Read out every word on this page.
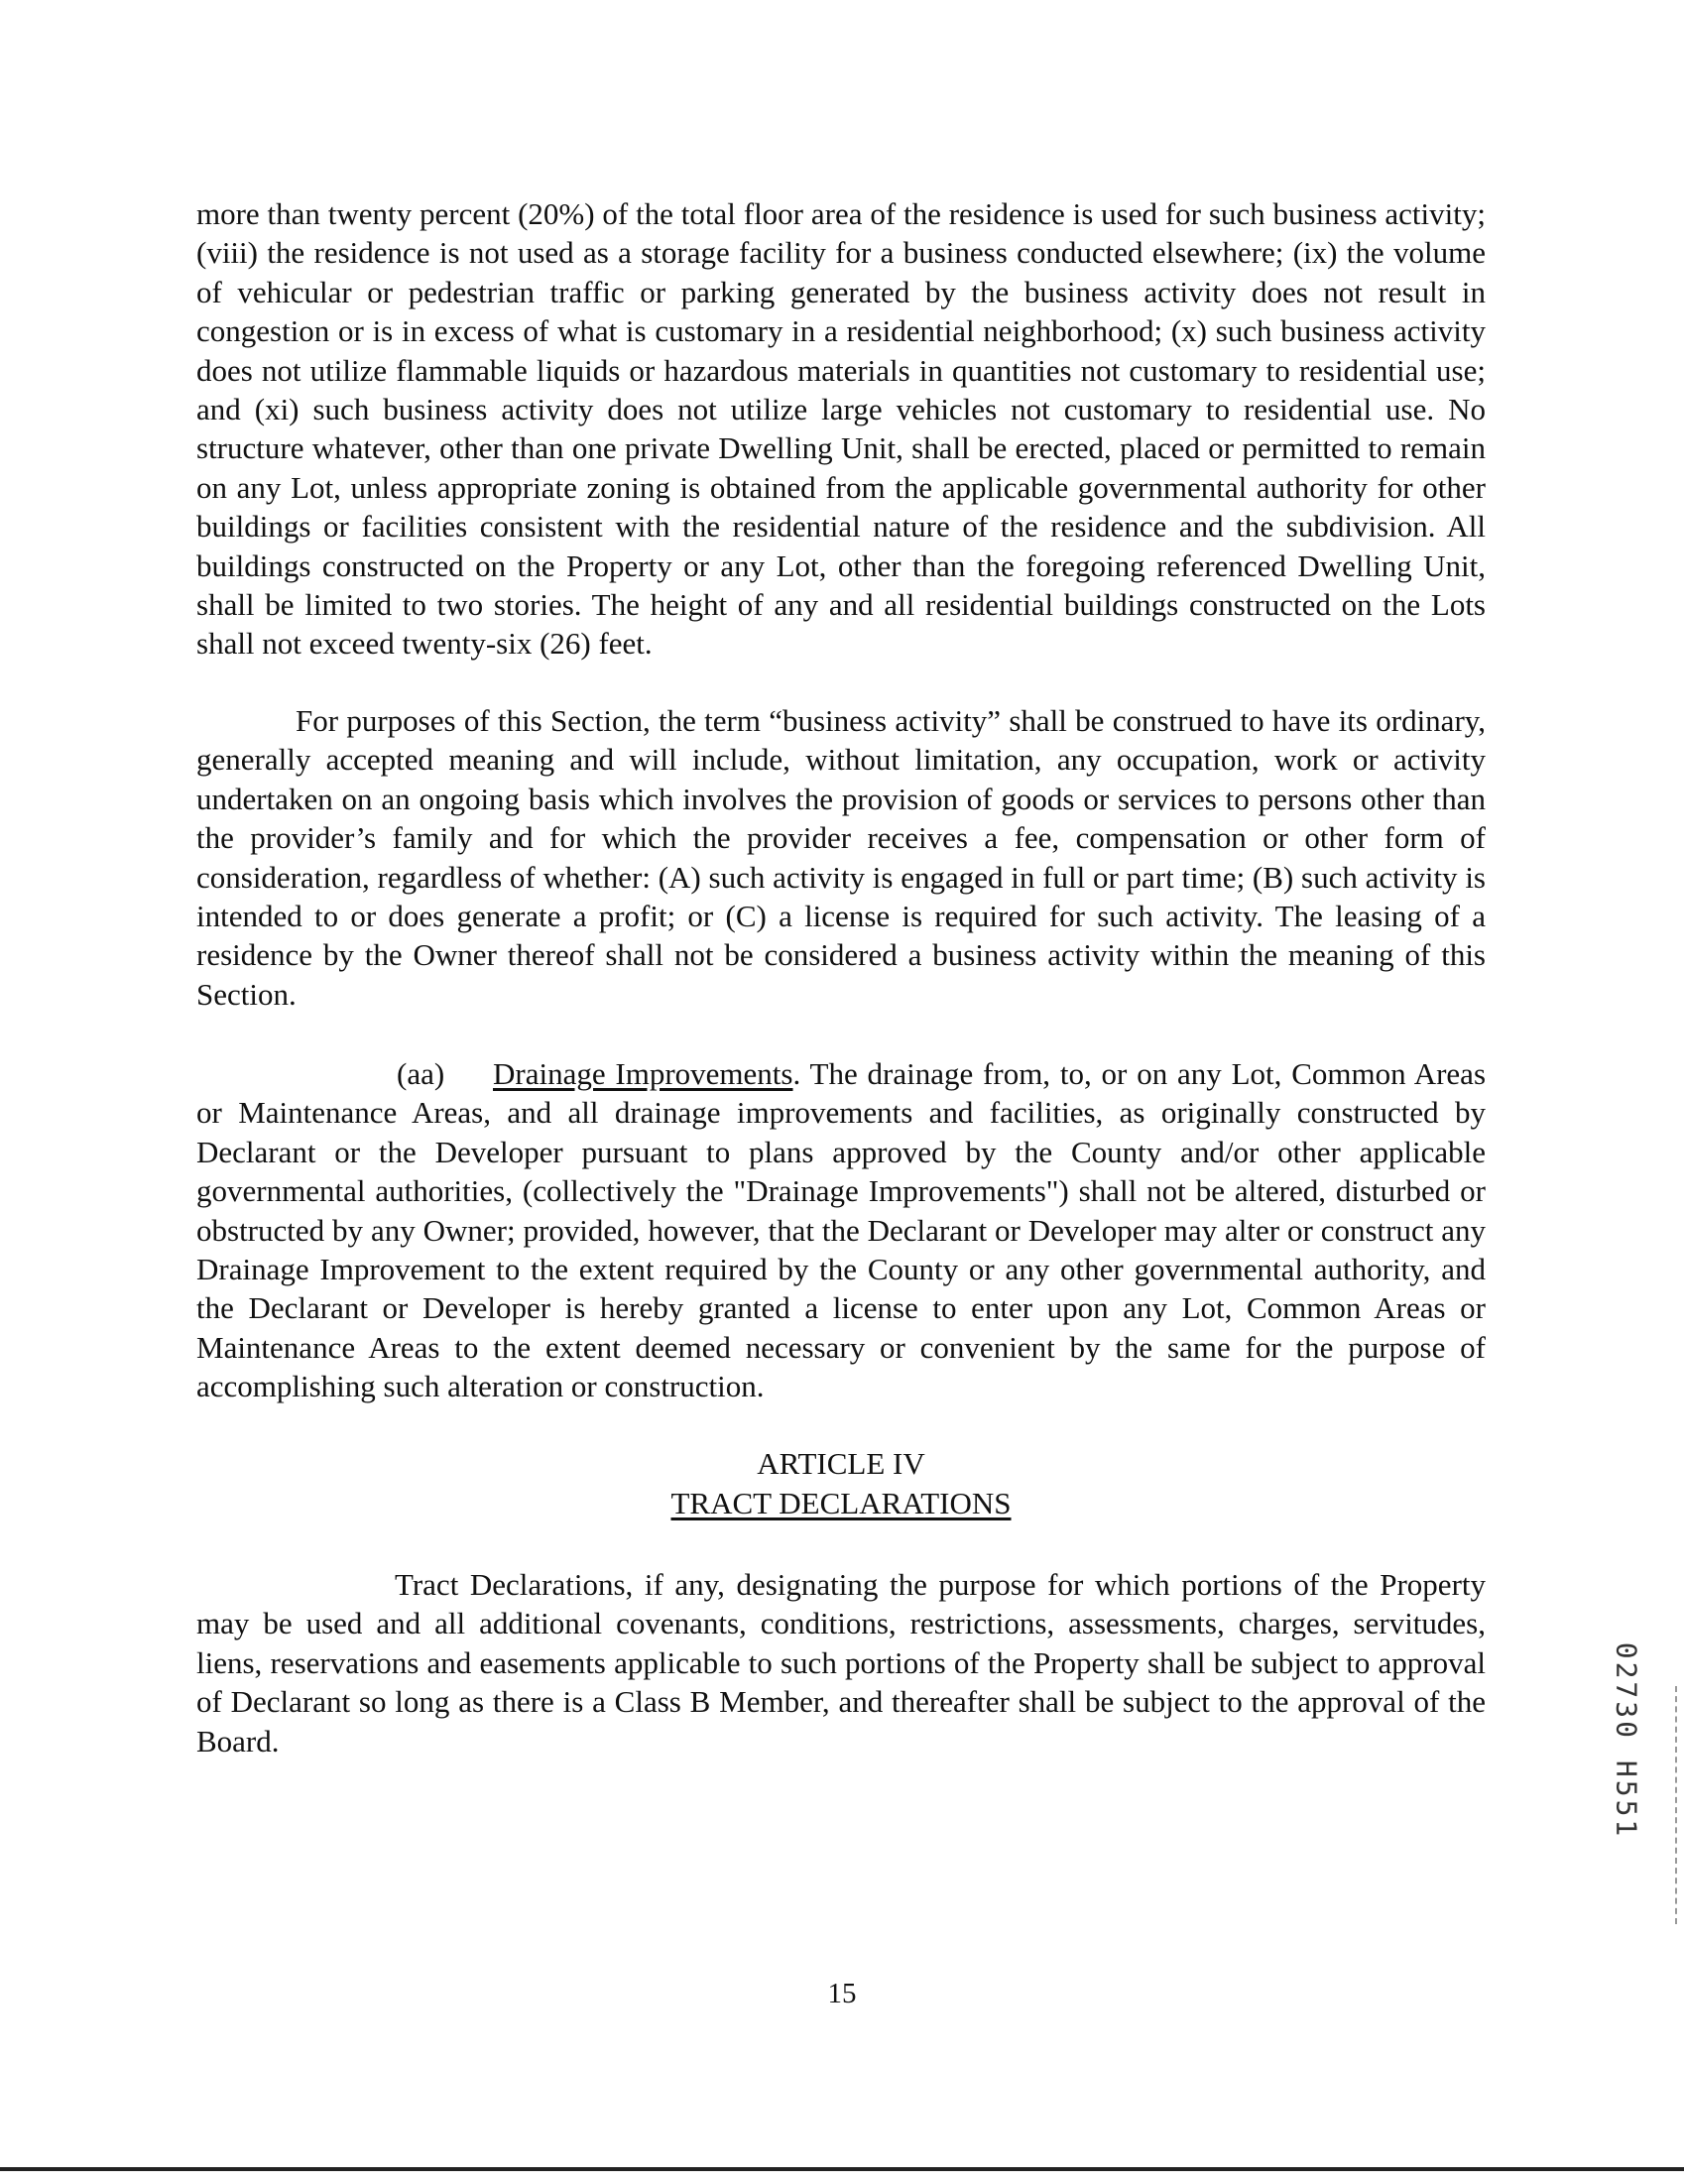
more than twenty percent (20%) of the total floor area of the residence is used for such business activity; (viii) the residence is not used as a storage facility for a business conducted elsewhere; (ix) the volume of vehicular or pedestrian traffic or parking generated by the business activity does not result in congestion or is in excess of what is customary in a residential neighborhood; (x) such business activity does not utilize flammable liquids or hazardous materials in quantities not customary to residential use; and (xi) such business activity does not utilize large vehicles not customary to residential use. No structure whatever, other than one private Dwelling Unit, shall be erected, placed or permitted to remain on any Lot, unless appropriate zoning is obtained from the applicable governmental authority for other buildings or facilities consistent with the residential nature of the residence and the subdivision. All buildings constructed on the Property or any Lot, other than the foregoing referenced Dwelling Unit, shall be limited to two stories. The height of any and all residential buildings constructed on the Lots shall not exceed twenty-six (26) feet.

For purposes of this Section, the term “business activity” shall be construed to have its ordinary, generally accepted meaning and will include, without limitation, any occupation, work or activity undertaken on an ongoing basis which involves the provision of goods or services to persons other than the provider’s family and for which the provider receives a fee, compensation or other form of consideration, regardless of whether: (A) such activity is engaged in full or part time; (B) such activity is intended to or does generate a profit; or (C) a license is required for such activity. The leasing of a residence by the Owner thereof shall not be considered a business activity within the meaning of this Section.

(aa) Drainage Improvements. The drainage from, to, or on any Lot, Common Areas or Maintenance Areas, and all drainage improvements and facilities, as originally constructed by Declarant or the Developer pursuant to plans approved by the County and/or other applicable governmental authorities, (collectively the "Drainage Improvements") shall not be altered, disturbed or obstructed by any Owner; provided, however, that the Declarant or Developer may alter or construct any Drainage Improvement to the extent required by the County or any other governmental authority, and the Declarant or Developer is hereby granted a license to enter upon any Lot, Common Areas or Maintenance Areas to the extent deemed necessary or convenient by the same for the purpose of accomplishing such alteration or construction.

ARTICLE IV
TRACT DECLARATIONS

Tract Declarations, if any, designating the purpose for which portions of the Property may be used and all additional covenants, conditions, restrictions, assessments, charges, servitudes, liens, reservations and easements applicable to such portions of the Property shall be subject to approval of Declarant so long as there is a Class B Member, and thereafter shall be subject to the approval of the Board.	02730 H551
15
